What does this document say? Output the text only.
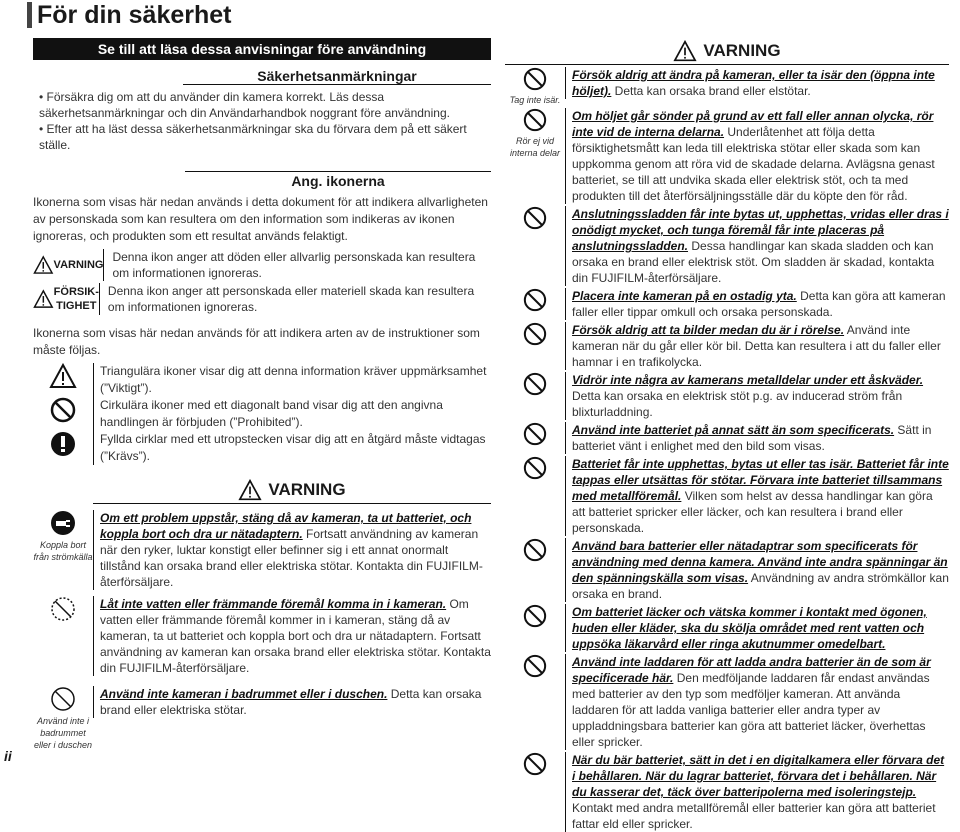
För din säkerhet
ii
Se till att läsa dessa anvisningar före användning
Säkerhetsanmärkningar
• Försäkra dig om att du använder din kamera korrekt. Läs dessa säkerhetsanmärkningar och din Användarhandbok noggrant före användning.
• Efter att ha läst dessa säkerhetsanmärkningar ska du förvara dem på ett säkert ställe.
Ang. ikonerna
Ikonerna som visas här nedan används i detta dokument för att indikera allvarligheten av personskada som kan resultera om den information som indikeras av ikonen ignoreras, och produkten som ett resultat används felaktigt.
VARNING
Denna ikon anger att döden eller allvarlig personskada kan resultera om informationen ignoreras.
FÖRSIK-TIGHET
Denna ikon anger att personskada eller materiell skada kan resultera om informationen ignoreras.
Ikonerna som visas här nedan används för att indikera arten av de instruktioner som måste följas.
Triangulära ikoner visar dig att denna information kräver uppmärksamhet (”Viktigt”).
Cirkulära ikoner med ett diagonalt band visar dig att den angivna handlingen är förbjuden (”Prohibited”).
Fyllda cirklar med ett utropstecken visar dig att en åtgärd måste vidtagas (”Krävs”).
VARNING
Koppla bort från strömkälla
Om ett problem uppstår, stäng då av kameran, ta ut batteriet, och koppla bort och dra ur nätadaptern. Fortsatt användning av kameran när den ryker, luktar konstigt eller befinner sig i ett annat onormalt tillstånd kan orsaka brand eller elektriska stötar. Kontakta din FUJIFILM-återförsäljare.
Låt inte vatten eller främmande föremål komma in i kameran. Om vatten eller främmande föremål kommer in i kameran, stäng då av kameran, ta ut batteriet och koppla bort och dra ur nätadaptern. Fortsatt användning av kameran kan orsaka brand eller elektriska stötar. Kontakta din FUJIFILM-återförsäljare.
Använd inte i badrummet eller i duschen
Använd inte kameran i badrummet eller i duschen. Detta kan orsaka brand eller elektriska stötar.
VARNING
Tag inte isär.
Försök aldrig att ändra på kameran, eller ta isär den (öppna inte höljet). Detta kan orsaka brand eller elstötar.
Rör ej vid interna delar
Om höljet går sönder på grund av ett fall eller annan olycka, rör inte vid de interna delarna. Underlåtenhet att följa detta försiktighetsmått kan leda till elektriska stötar eller skada som kan uppkomma genom att röra vid de skadade delarna. Avlägsna genast batteriet, se till att undvika skada eller elektrisk stöt, och ta med produkten till det återförsäljningsställe där du köpte den för råd.
Anslutningssladden får inte bytas ut, upphettas, vridas eller dras i onödigt mycket, och tunga föremål får inte placeras på anslutningssladden. Dessa handlingar kan skada sladden och kan orsaka en brand eller elektrisk stöt. Om sladden är skadad, kontakta din FUJIFILM-återförsäljare.
Placera inte kameran på en ostadig yta. Detta kan göra att kameran faller eller tippar omkull och orsaka personskada.
Försök aldrig att ta bilder medan du är i rörelse. Använd inte kameran när du går eller kör bil. Detta kan resultera i att du faller eller hamnar i en trafikolycka.
Vidrör inte några av kamerans metalldelar under ett åskväder. Detta kan orsaka en elektrisk stöt p.g. av inducerad ström från blixturladdning.
Använd inte batteriet på annat sätt än som specificerats. Sätt in batteriet vänt i enlighet med den bild som visas.
Batteriet får inte upphettas, bytas ut eller tas isär. Batteriet får inte tappas eller utsättas för stötar. Förvara inte batteriet tillsammans med metallföremål. Vilken som helst av dessa handlingar kan göra att batteriet spricker eller läcker, och kan resultera i brand eller personskada.
Använd bara batterier eller nätadaptrar som specificerats för användning med denna kamera. Använd inte andra spänningar än den spänningskälla som visas. Användning av andra strömkällor kan orsaka en brand.
Om batteriet läcker och vätska kommer i kontakt med ögonen, huden eller kläder, ska du skölja området med rent vatten och uppsöka läkarvård eller ringa akutnummer omedelbart.
Använd inte laddaren för att ladda andra batterier än de som är specificerade här. Den medföljande laddaren får endast användas med batterier av den typ som medföljer kameran. Att använda laddaren för att ladda vanliga batterier eller andra typer av uppladdningsbara batterier kan göra att batteriet läcker, överhettas eller spricker.
När du bär batteriet, sätt in det i en digitalkamera eller förvara det i behållaren. När du lagrar batteriet, förvara det i behållaren. När du kasserar det, täck över batteripolerna med isoleringstejp. Kontakt med andra metallföremål eller batterier kan göra att batteriet fattar eld eller spricker.
